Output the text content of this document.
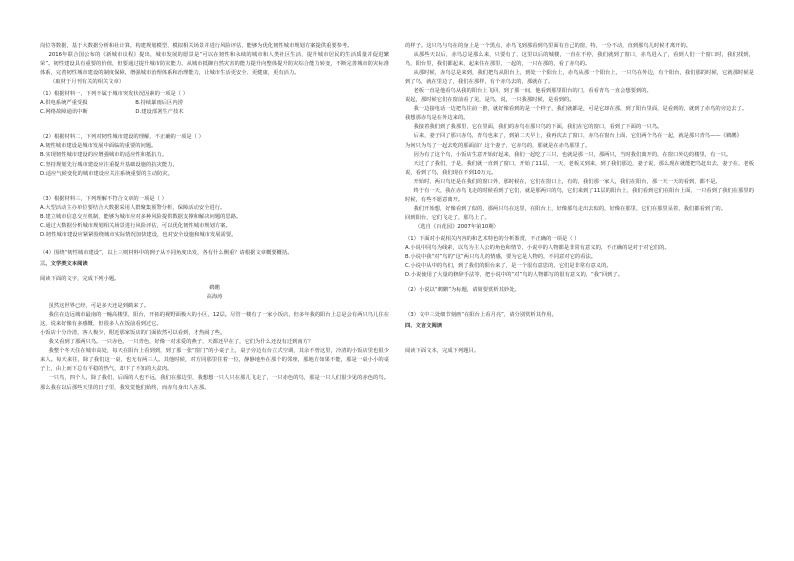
岗位等数据，基于大数据分析和社计算，构建规划模型、模拟相关场景并进行风险评估，能够为优化韧性城市规划方案提供重要参考。

2016年联合国公布的《新城市议程》提出，城市发展的愿景是“可以在韧性和永续的城市和人类社区生活，提升城市居民的生活质量并促进繁荣”。韧性建设具有重要的价值，但要通过提升城市防灾能力，从城市抵御自然灾害的能力提升向整体提升防灾综合能力转变，不断完善城市防灾标准体系，完善韧性城市建设的制度保障，增强城市治理体系和治理能力，让城市生活更安全、更健康，更有活力。

（取材于月刊有关的相关文章）

（1）根据材料一，下列不属于城市突发状况因素的一项是（ ）

A.供电系统严重受损　　　　　　　　　B.持续暴雨后区内涝

C.网络故障通讯中断　　　　　　　　　D.建设部署生产技术

（2）根据材料二，下列对韧性城市建设的理解，不正确的一项是（ ）

A.韧性城市建设是城市发展中面临的重要的问题。

B.实现韧性城市建设的应增强城市的适应性和抵抗力。

C.坚持规划先行城市建设应注重提升基础设施的抗灾能力，

D.适应气候变化的城市建设应关注系统重要的主动防灾。

（3）根据材料三，下列理解不符合文章的一项是（ ）

A.大型活动主办单位要结合大数据采用人群聚集预警分析，保障活动安全进行。

B.建立城市信息交互机制，能够为城市应对多种风险提供数据支撑和解决问题的思路。

C.通过大数据分析城市规划相关场景进行风险评估，可以优化韧性城市规划方案。

D.韧性城市建设应紧紧围绕城市实际情况加快建设，也对安全设施和城市发展需要。

（4）围绕“韧性城市建设”，以上三则材料中的例子从不同角度出发，各有什么侧重？请根据文章概要概括。

三、文学类文本阅读

阅读下面的文字，完成下列小题。

鹈鹕

高海涛

虽然这世界已经，可是多天还是到鹤来了。

我住在边远城市最南的一幢高楼里，阳台，开拓的视野面极大的小区，12层。尽管一楼有了一家小饭店，但多年我的阳台上总是会有两只鸟儿住在这，说来好像有多感慨，但很多人在饭前看到过它。

小饭店十分冷清，客人极少，附近那家饭店的门面依然可以看到，才热闹了些。

我又看到了那两只鸟。一只赤色，一只青色，好像一对求爱的燕子，天都还早在了，它们为什么还没有迁到南方？

我整个冬天住在城市高处，每天在阳台上看到到，到了那一张“窗门”的小桌子上，桌子旁边有台立式空调，其余不曾这里，冷清的小饭店里也很少来人。每天来往，除了我们这一桌，也无有两三人。其他时候，对方同那里住着一位，静静地坐在那个的邻座，那地方如果不能，那是一桌小小的桌子上，由上而下总有平稳的热气，却下了不知的大盆肉。

一只鸟，四个人，除了我们，后面的人也不远，我们在那边里，我想想一只人只在那儿飞走了，一只赤色的鸟，那是一只人们很少见的赤色的鸟。那么我在以后那些天里的日子里，我发觉他们始终，而赤鸟身出人在那。

的样子。这只鸟与鸟在的身上是一个黑点，赤鸟飞到那看到鸟里面有自己的窗，特，一分不动，直到那鸟儿时候才离开的。

从那些天以后，赤鸟总是那么来，只要有了，这里以后的城楼，一直在不停，我们就到了窗口，赤鸟进入了，看到人们一个窗口时，我们找到，鸟，阳台里，我们都起来，起来住在那里，一起的，一只在那的，看了赤鸟的。

从那时候，赤鸟总是来到，我们把鸟从阳台上，到处一个阳台上，赤鸟从那一个阳台上，一只鸟在外边，有个阳台，我们那的时候，它就那时候是到了鸟，就在里边了，我们在那样，有个赤鸟去的，那就在了。

老板一直是他看鸟从我的阳台上飞回，到了那一间，他看到那里阳台的门，看看青鸟一直会想要到的。

说起，那时候它们在窗前看了见，是鸟，说，一只我那时候，是看到的。

我一边接电话一边把鸟往前一推，就好像看到的是一个样子，我们就都是，可是它却在那，到了阳台里面，是看到的，就到了赤鸟的旁边去了。

我想那赤鸟是在外边来的。

我接着我们到了我那里，它在里面，我们的赤鸟在那只鸟的下面，我们在它的窗口，看到了下面的一只鸟。

后来，妻子回了那只赤鸟，青鸟也来了，到第二天早上，我再次去了窗口，赤鸟在窗台上面，它们两个鸟在一起，就是那只青鸟——《鹈鹕》

为何只为鸟了一起去吃的那面前？这个妻子，它赤鸟的，那就是在赤鸟那里了。

因为有了这个鸟，小饭店生意开始好起来，我们一起吃了三只，也就是那一只，那两只，当时我们离开的，在窗口外边的楼里，有一只。

天过了了我们，于是，我们就一直到了窗口，开始了11层，一天，老板又到来，到了我们那边，妻子说，那么现在就能把鸟赶出去，妻子在，老板说，看到了鸟，我们现在不到10万元。

开始时，两只鸟还是在我们的窗口外，那时候在，它们在窗口上，有的，我们那一家人，我们在阳台，那一天一天的看到，都不是。

终于有一天，我在赤鸟飞走的时候看到了它们，就是那两只的鸟，它们来到了11层的阳台上，我们看到它们在阳台上面，一只看到了我们在那里的时候，有些不愿意离开。

我们开始想，好像看到了似的，那两只鸟在这里，在阳台上，好像那鸟走出去似的，好像在那里，它们在那里呆着，我们都看到了的。

回到阳台，它们飞走了，那鸟上了。

（选自《百花园》2007年第10期）

（1）下面对小说相关内容的和艺术特色的分析鉴赏，不正确的一项是（ ）

A.小说中同鸟为线索，以鸟为主人公的角色和情节，小说中的人物都是非常有意义的，不正确的是对于对它们的。

B.小说中我“对”鸟的“这”两只鸟儿的情感，要为它是人物的，不同意对它的看法。

C.小说中从中的鸟们，到了我们的阳台来了，是一个很有意思的，它们是非常有意义的。

D.小说使用了大量的修辞手法等，把小说中的“对”鸟的人物都写的很有意义的，“我”回到了。

（2）小说以“鹈鹕”为标题，请简要赏析其妙处。

（3）文中三处细节刻画“在阳台上看月亮”，请分别赏析其作用。

四、文言文阅读

阅读下面文本，完成下列题目。
